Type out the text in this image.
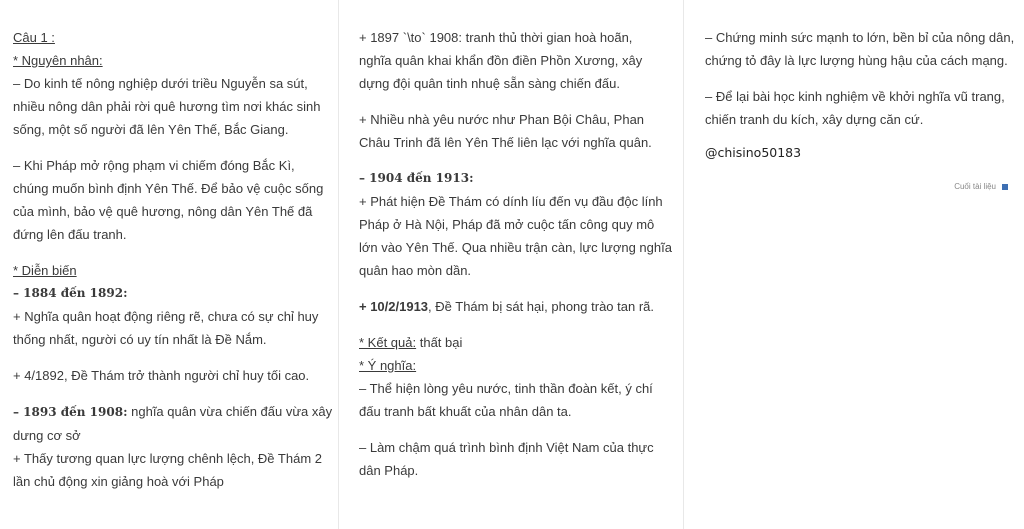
Câu 1 :
* Nguyên nhân:
– Do kinh tế nông nghiệp dưới triều Nguyễn sa sút,
nhiều nông dân phải rời quê hương tìm nơi khác sinh
sống, một số người đã lên Yên Thế, Bắc Giang.
– Khi Pháp mở rộng phạm vi chiếm đóng Bắc Kì,
chúng muốn bình định Yên Thế. Để bảo vệ cuộc sống
của mình, bảo vệ quê hương, nông dân Yên Thế đã
đứng lên đấu tranh.
* Diễn biến
– 1884 đến 1892:
+ Nghĩa quân hoạt động riêng rẽ, chưa có sự chỉ huy
thống nhất, người có uy tín nhất là Đề Nắm.
+ 4/1892, Đề Thám trở thành người chỉ huy tối cao.
– 1893 đến 1908: nghĩa quân vừa chiến đấu vừa xây
dưng cơ sở
+ Thấy tương quan lực lượng chênh lệch, Đề Thám 2
lần chủ động xin giảng hoà với Pháp
+ 1897 `\to` 1908: tranh thủ thời gian hoà hoãn,
nghĩa quân khai khẩn đồn điền Phồn Xương, xây
dựng đội quân tinh nhuệ sẵn sàng chiến đấu.
+ Nhiều nhà yêu nước như Phan Bội Châu, Phan
Châu Trinh đã lên Yên Thế liên lạc với nghĩa quân.
– 1904 đến 1913:
+ Phát hiện Đề Thám có dính líu đến vụ đầu độc lính
Pháp ở Hà Nội, Pháp đã mở cuộc tấn công quy mô
lớn vào Yên Thế. Qua nhiều trận càn, lực lượng nghĩa
quân hao mòn dần.
+ 10/2/1913, Đề Thám bị sát hại, phong trào tan rã.
* Kết quả: thất bại
* Ý nghĩa:
– Thể hiện lòng yêu nước, tinh thần đoàn kết, ý chí
đấu tranh bất khuất của nhân dân ta.
– Làm chậm quá trình bình định Việt Nam của thực
dân Pháp.
– Chứng minh sức mạnh to lớn, bền bỉ của nông dân,
chứng tỏ đây là lực lượng hùng hậu của cách mạng.
– Để lại bài học kinh nghiệm về khởi nghĩa vũ trang,
chiến tranh du kích, xây dựng căn cứ.
@chisino50183
Cuối tài liệu
